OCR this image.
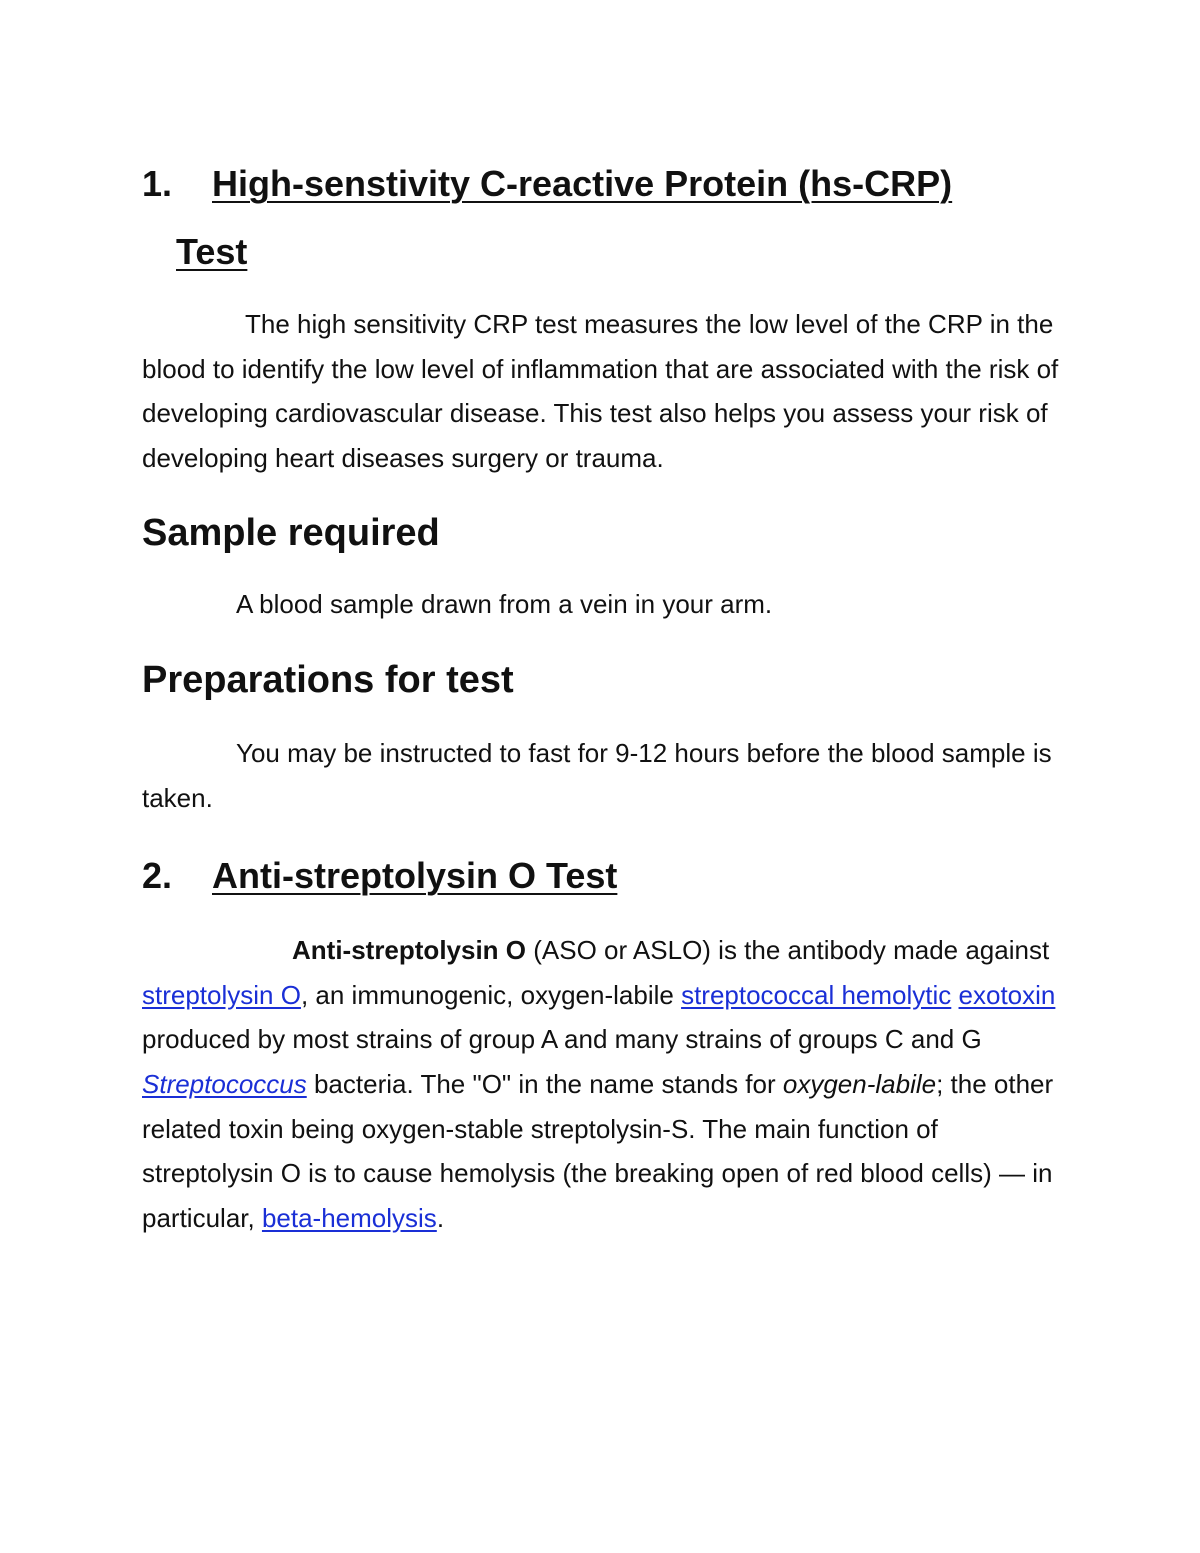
1. High-senstivity C-reactive Protein (hs-CRP)
Test

The high sensitivity CRP test measures the low level of the CRP in the blood to identify the low level of inflammation that are associated with the risk of developing cardiovascular disease. This test also helps you assess your risk of developing heart diseases surgery or trauma.

Sample required

A blood sample drawn from a vein in your arm.

Preparations for test

You may be instructed to fast for 9-12 hours before the blood sample is taken.

2. Anti-streptolysin O Test

Anti-streptolysin O (ASO or ASLO) is the antibody made against streptolysin O, an immunogenic, oxygen-labile streptococcal hemolytic exotoxin produced by most strains of group A and many strains of groups C and G Streptococcus bacteria. The "O" in the name stands for oxygen-labile; the other related toxin being oxygen-stable streptolysin-S. The main function of streptolysin O is to cause hemolysis (the breaking open of red blood cells) — in particular, beta-hemolysis.
